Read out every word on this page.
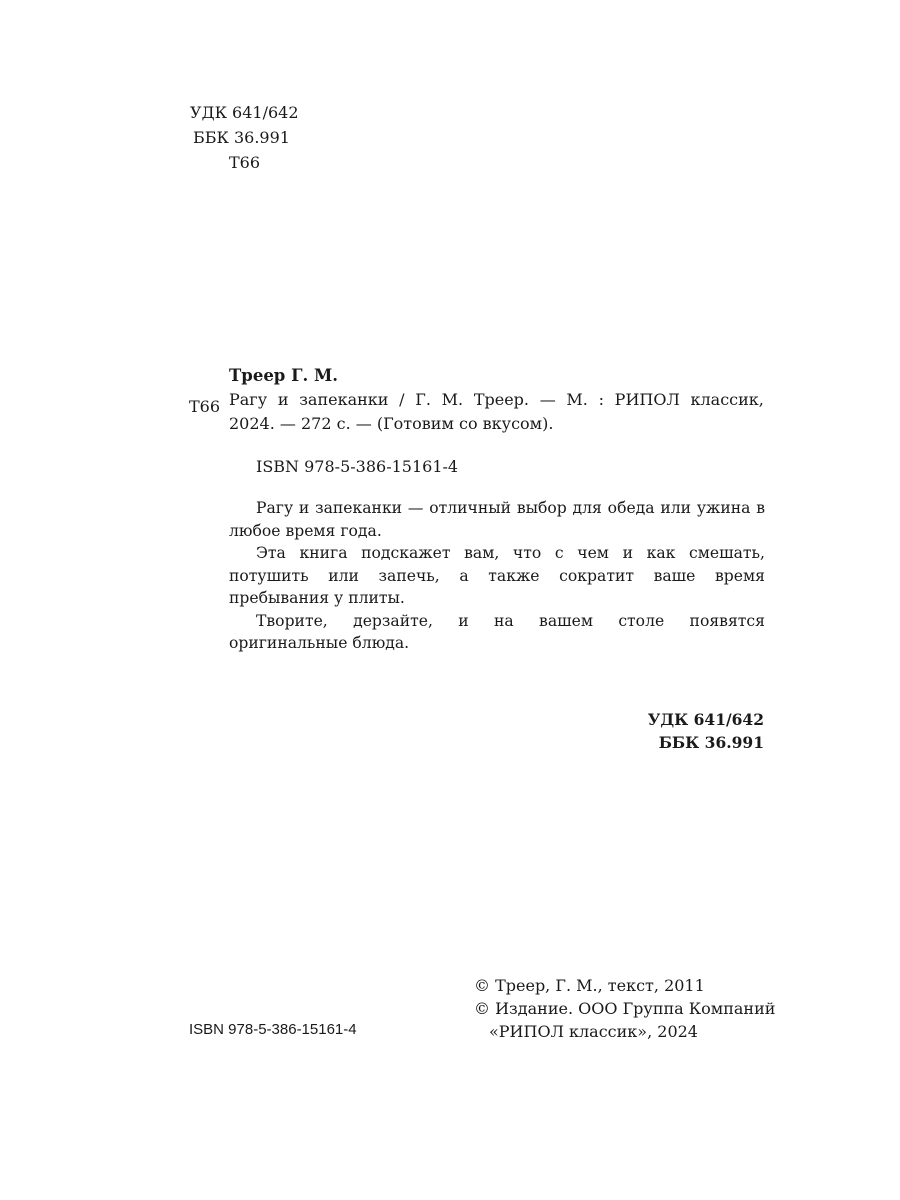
УДК 641/642
ББК 36.991
Т66
Треер Г. М.
Т66 Рагу и запеканки / Г. М. Треер. — М. : РИПОЛ классик,
2024. — 272 с. — (Готовим со вкусом).
ISBN 978-5-386-15161-4

Рагу и запеканки — отличный выбор для обеда или ужина в любое время года.

Эта книга подскажет вам, что с чем и как смешать, потушить или запечь, а также сократит ваше время пребывания у плиты.

Творите, дерзайте, и на вашем столе появятся оригинальные блюда.

УДК 641/642
ББК 36.991
© Треер, Г. М., текст, 2011
© Издание. ООО Группа Компаний
«РИПОЛ классик», 2024
ISBN 978-5-386-15161-4
